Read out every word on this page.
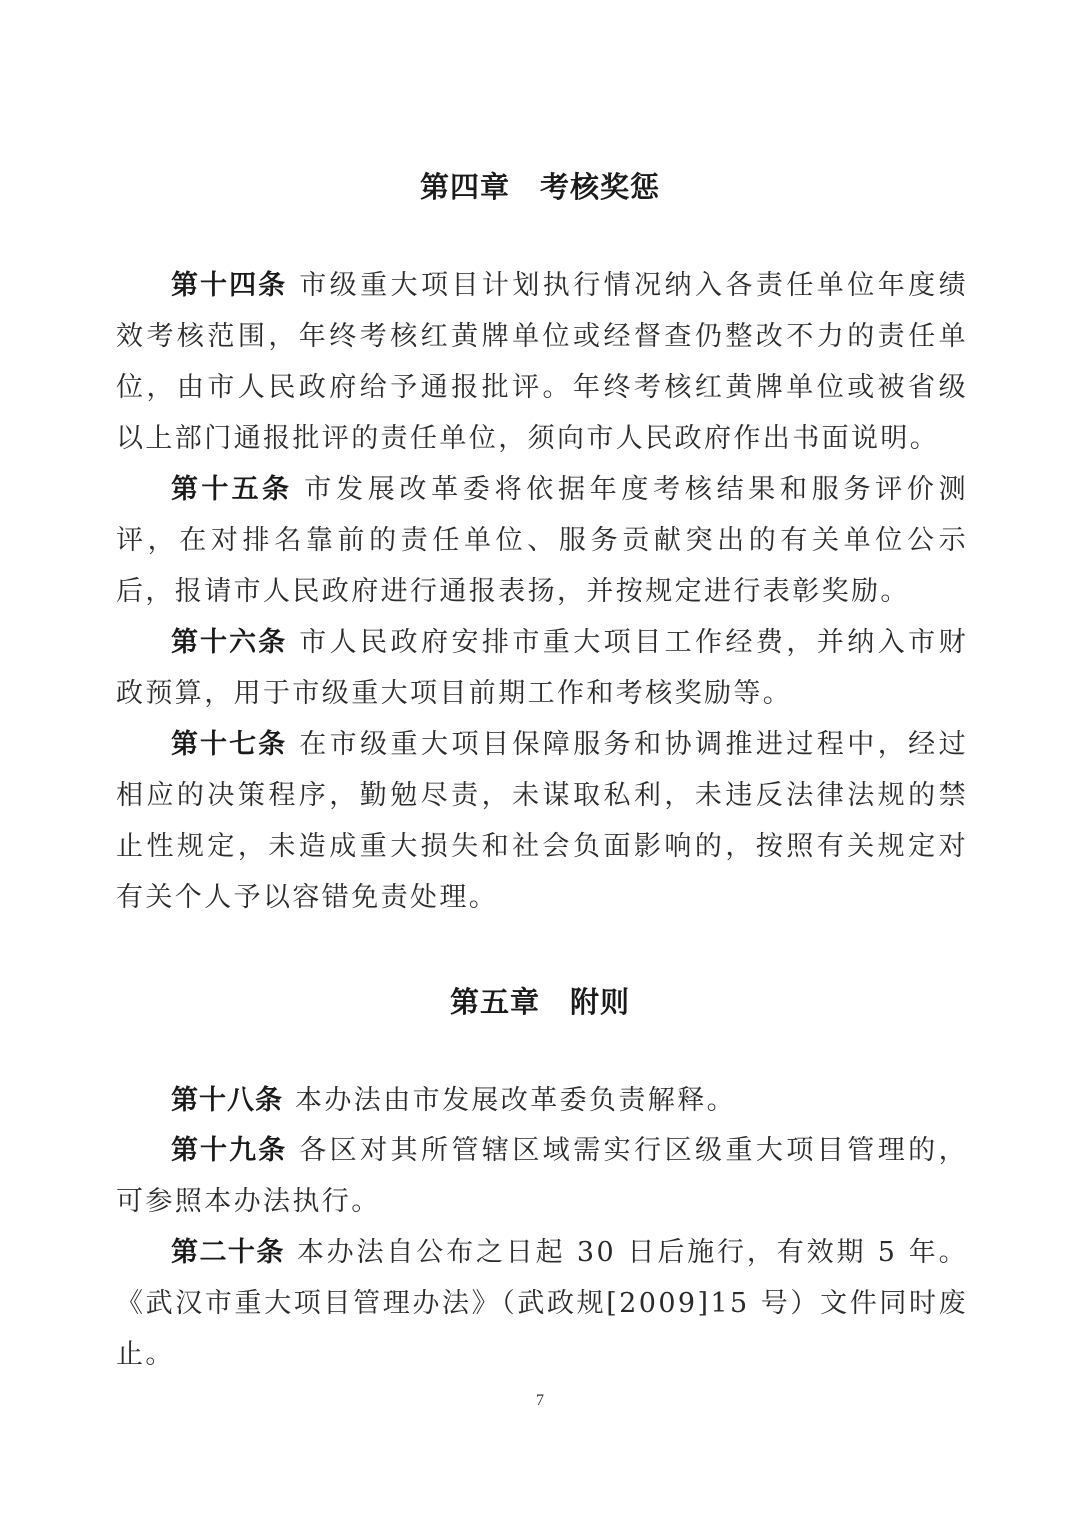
第四章 考核奖惩

第十四条 市级重大项目计划执行情况纳入各责任单位年度绩效考核范围，年终考核红黄牌单位或经督查仍整改不力的责任单位，由市人民政府给予通报批评。年终考核红黄牌单位或被省级以上部门通报批评的责任单位，须向市人民政府作出书面说明。

第十五条 市发展改革委将依据年度考核结果和服务评价测评，在对排名靠前的责任单位、服务贡献突出的有关单位公示后，报请市人民政府进行通报表扬，并按规定进行表彰奖励。

第十六条 市人民政府安排市重大项目工作经费，并纳入市财政预算，用于市级重大项目前期工作和考核奖励等。

第十七条 在市级重大项目保障服务和协调推进过程中，经过相应的决策程序，勤勉尽责，未谋取私利，未违反法律法规的禁止性规定，未造成重大损失和社会负面影响的，按照有关规定对有关个人予以容错免责处理。

第五章 附则

第十八条 本办法由市发展改革委负责解释。

第十九条 各区对其所管辖区域需实行区级重大项目管理的，可参照本办法执行。

第二十条 本办法自公布之日起 30 日后施行，有效期 5 年。《武汉市重大项目管理办法》（武政规[2009]15 号）文件同时废止。

7
